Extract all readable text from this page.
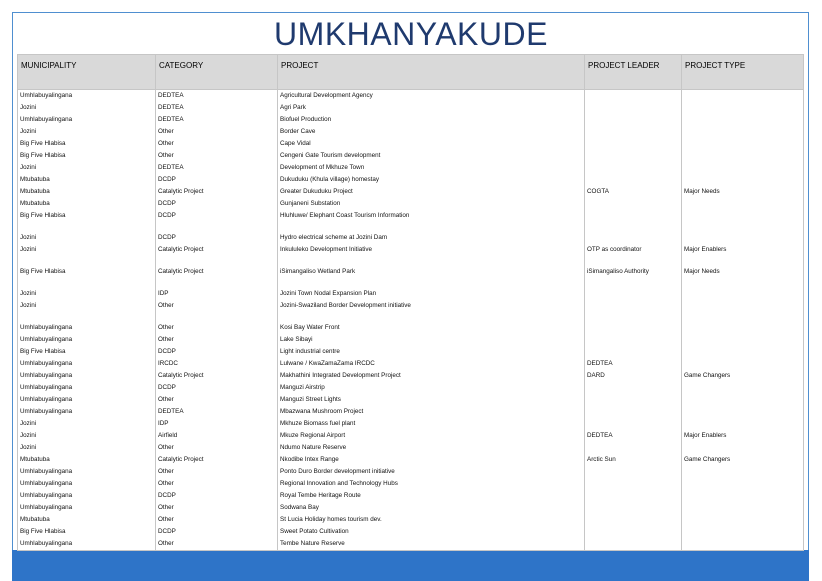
UMKHANYAKUDE
MUNICIPALITY	CATEGORY	PROJECT	PROJECT LEADER	PROJECT TYPE
Umhlabuyalingana	DEDTEA	Agricultural Development Agency		
Jozini	DEDTEA	Agri Park		
Umhlabuyalingana	DEDTEA	Biofuel Production		
Jozini	Other	Border Cave		
Big Five Hlabisa	Other	Cape Vidal		
Big Five Hlabisa	Other	Cengeni Gate Tourism development		
Jozini	DEDTEA	Development of Mkhuze Town		
Mtubatuba	DCDP	Dukuduku (Khula village) homestay		
Mtubatuba	Catalytic Project	Greater Dukuduku Project	COGTA	Major Needs
Mtubatuba	DCDP	Gunjaneni Substation		
Big Five Hlabisa	DCDP	Hluhluwe/ Elephant Coast Tourism Information		

Jozini	DCDP	Hydro electrical scheme at Jozini Dam		
Jozini	Catalytic Project	Inkululeko Development Initiative	OTP as coordinator	Major Enablers

Big Five Hlabisa	Catalytic Project	iSimangaliso Wetland Park	iSimangaliso Authority	Major Needs

Jozini	IDP	Jozini Town Nodal Expansion Plan		
Jozini	Other	Jozini-Swaziland Border Development initiative		

Umhlabuyalingana	Other	Kosi Bay Water Front		
Umhlabuyalingana	Other	Lake Sibayi		
Big Five Hlabisa	DCDP	Light industrial centre		
Umhlabuyalingana	IRCDC	Lulwane / KwaZamaZama IRCDC	DEDTEA	
Umhlabuyalingana	Catalytic Project	Makhathini Integrated Development Project	DARD	Game Changers
Umhlabuyalingana	DCDP	Manguzi Airstrip		
Umhlabuyalingana	Other	Manguzi Street Lights		
Umhlabuyalingana	DEDTEA	Mbazwana Mushroom Project		
Jozini	IDP	Mkhuze Biomass fuel plant		
Jozini	Airfield	Mkuze Regional Airport	DEDTEA	Major Enablers
Jozini	Other	Ndumo Nature Reserve		
Mtubatuba	Catalytic Project	Nkodibe Intex Range	Arctic Sun	Game Changers
Umhlabuyalingana	Other	Ponto Duro Border development initiative		
Umhlabuyalingana	Other	Regional Innovation and Technology Hubs		
Umhlabuyalingana	DCDP	Royal Tembe Heritage Route		
Umhlabuyalingana	Other	Sodwana Bay		
Mtubatuba	Other	St Lucia Holiday homes tourism dev.		
Big Five Hlabisa	DCDP	Sweet Potato Cultivation		
Umhlabuyalingana	Other	Tembe Nature Reserve		
